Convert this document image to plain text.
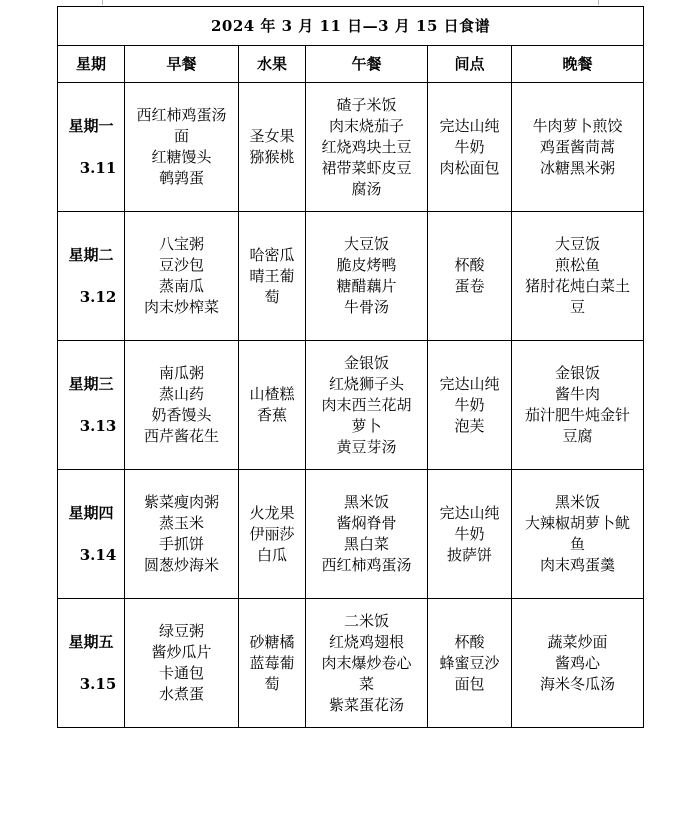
2024 年 3 月 11 日—3 月 15 日食谱					
星期	早餐	水果	午餐	间点	晚餐

星期一

3.11	西红柿鸡蛋汤
面
红糖馒头
鹌鹑蛋	圣女果
猕猴桃	碴子米饭
肉末烧茄子
红烧鸡块土豆
裙带菜虾皮豆
腐汤	完达山纯
牛奶
肉松面包	牛肉萝卜煎饺
鸡蛋酱茼蒿
冰糖黑米粥

星期二

3.12	八宝粥
豆沙包
蒸南瓜
肉末炒榨菜	哈密瓜
晴王葡
萄	大豆饭
脆皮烤鸭
糖醋藕片
牛骨汤	杯酸
蛋卷	大豆饭
煎松鱼
猪肘花炖白菜土
豆

星期三

3.13	南瓜粥
蒸山药
奶香馒头
西芹酱花生	山楂糕
香蕉	金银饭
红烧狮子头
肉末西兰花胡
萝卜
黄豆芽汤	完达山纯
牛奶
泡芙	金银饭
酱牛肉
茄汁肥牛炖金针
豆腐

星期四

3.14	紫菜瘦肉粥
蒸玉米
手抓饼
圆葱炒海米	火龙果
伊丽莎
白瓜	黑米饭
酱焖脊骨
黑白菜
西红柿鸡蛋汤	完达山纯
牛奶
披萨饼	黑米饭
大辣椒胡萝卜鱿
鱼
肉末鸡蛋羹

星期五

3.15	绿豆粥
酱炒瓜片
卡通包
水煮蛋	砂糖橘
蓝莓葡
萄	二米饭
红烧鸡翅根
肉末爆炒卷心
菜
紫菜蛋花汤	杯酸
蜂蜜豆沙
面包	蔬菜炒面
酱鸡心
海米冬瓜汤
